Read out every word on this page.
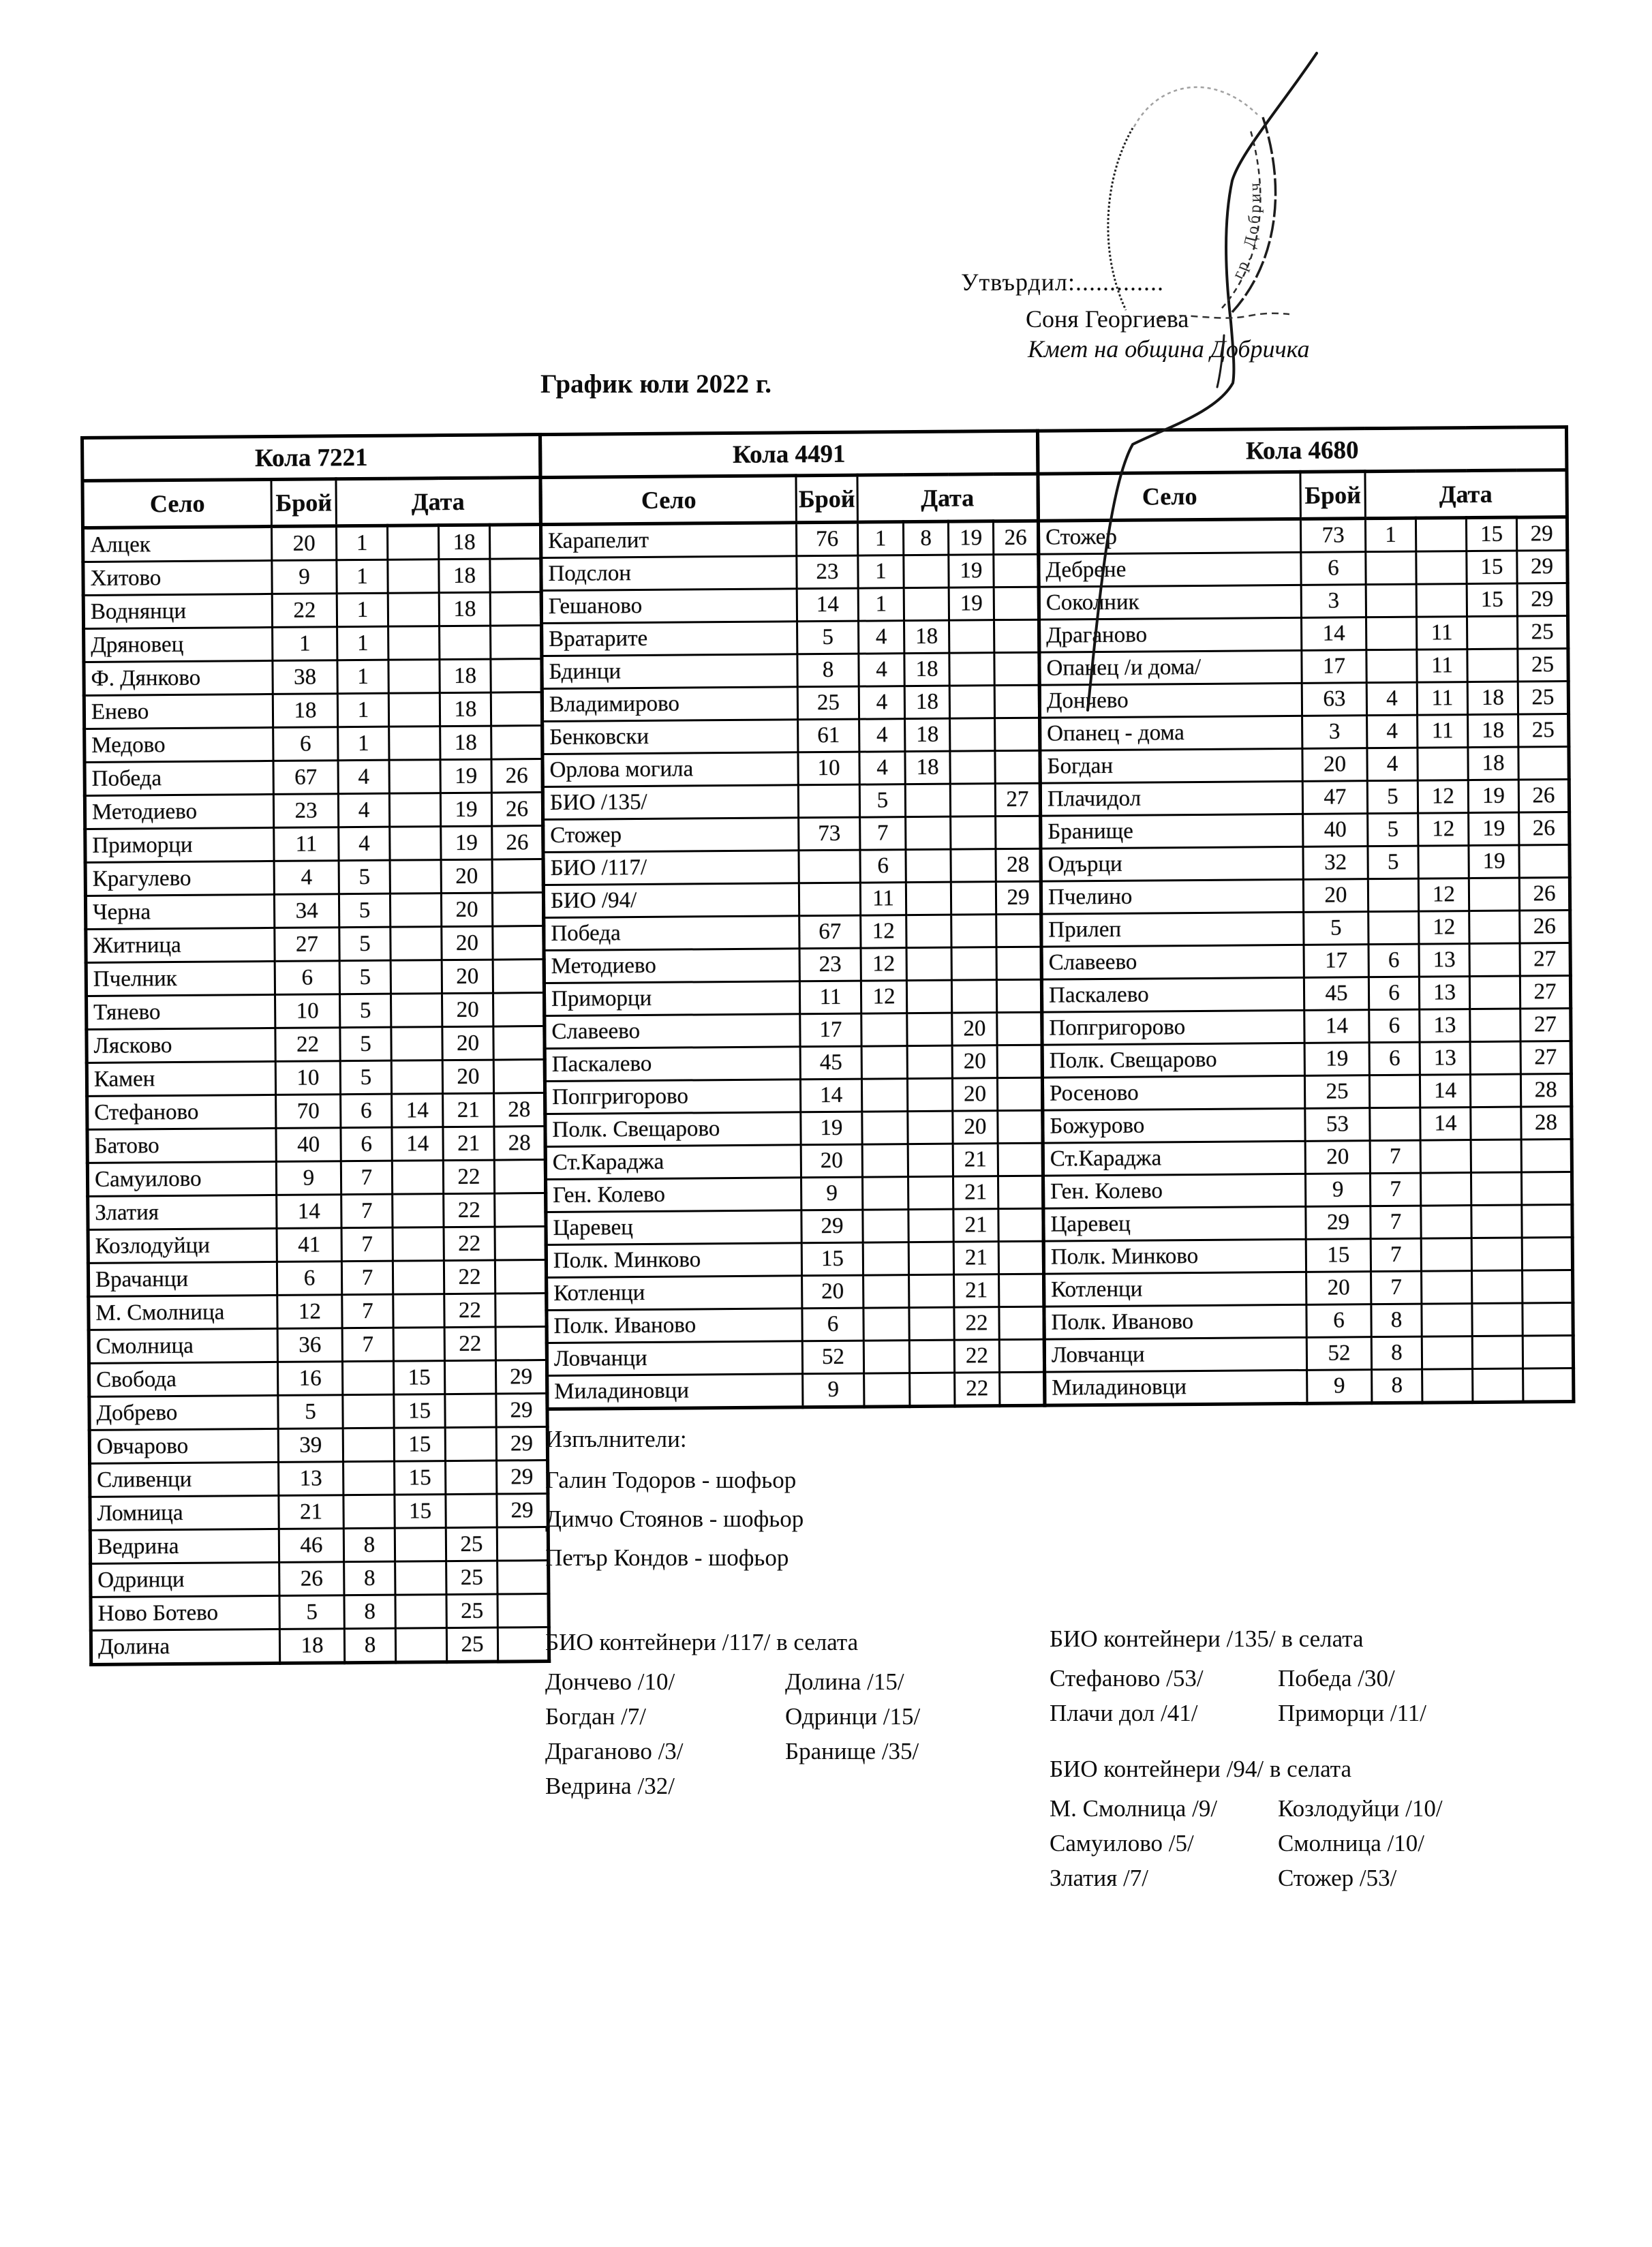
Утвърдил:.............
Соня Георгиева
Кмет на община Добричка
График юли 2022 г.
гр. Добрич
Кола 7221					
Село	Брой	Дата			
Алцек	20	1		18	
Хитово	9	1		18	
Воднянци	22	1		18	
Дряновец	1	1			
Ф. Дянково	38	1		18	
Енево	18	1		18	
Медово	6	1		18	
Победа	67	4		19	26
Методиево	23	4		19	26
Приморци	11	4		19	26
Крагулево	4	5		20	
Черна	34	5		20	
Житница	27	5		20	
Пчелник	6	5		20	
Тянево	10	5		20	
Лясково	22	5		20	
Камен	10	5		20	
Стефаново	70	6	14	21	28
Батово	40	6	14	21	28
Самуилово	9	7		22	
Златия	14	7		22	
Козлодуйци	41	7		22	
Врачанци	6	7		22	
М. Смолница	12	7		22	
Смолница	36	7		22	
Свобода	16		15		29
Добрево	5		15		29
Овчарово	39		15		29
Сливенци	13		15		29
Ломница	21		15		29
Ведрина	46	8		25	
Одринци	26	8		25	
Ново Ботево	5	8		25	
Долина	18	8		25	
Кола 4491					
Село	Брой	Дата			
Карапелит	76	1	8	19	26
Подслон	23	1		19	
Гешаново	14	1		19	
Вратарите	5	4	18		
Бдинци	8	4	18		
Владимирово	25	4	18		
Бенковски	61	4	18		
Орлова могила	10	4	18		
БИО /135/		5			27
Стожер	73	7			
БИО /117/		6			28
БИО /94/		11			29
Победа	67	12			
Методиево	23	12			
Приморци	11	12			
Славеево	17			20	
Паскалево	45			20	
Попгригорово	14			20	
Полк. Свещарово	19			20	
Ст.Караджа	20			21	
Ген. Колево	9			21	
Царевец	29			21	
Полк. Минково	15			21	
Котленци	20			21	
Полк. Иваново	6			22	
Ловчанци	52			22	
Миладиновци	9			22	
Кола 4680					
Село	Брой	Дата			
Стожер	73	1		15	29
Дебрене	6			15	29
Соколник	3			15	29
Драганово	14		11		25
Опанец /и дома/	17		11		25
Дончево	63	4	11	18	25
Опанец - дома	3	4	11	18	25
Богдан	20	4		18	
Плачидол	47	5	12	19	26
Бранище	40	5	12	19	26
Одърци	32	5		19	
Пчелино	20		12		26
Прилеп	5		12		26
Славеево	17	6	13		27
Паскалево	45	6	13		27
Попгригорово	14	6	13		27
Полк. Свещарово	19	6	13		27
Росеново	25		14		28
Божурово	53		14		28
Ст.Караджа	20	7			
Ген. Колево	9	7			
Царевец	29	7			
Полк. Минково	15	7			
Котленци	20	7			
Полк. Иваново	6	8			
Ловчанци	52	8			
Миладиновци	9	8			
Изпълнители:
Галин Тодоров - шофьор
Димчо Стоянов - шофьор
Петър Кондов - шофьор
БИО контейнери /117/ в селата
Дончево /10/
Богдан /7/
Драганово /3/
Ведрина /32/
Долина /15/
Одринци /15/
Бранище /35/
БИО контейнери /135/ в селата
Стефаново /53/
Плачи дол /41/
Победа /30/
Приморци /11/
БИО контейнери /94/ в селата
М. Смолница /9/
Самуилово /5/
Златия /7/
Козлодуйци /10/
Смолница /10/
Стожер /53/
